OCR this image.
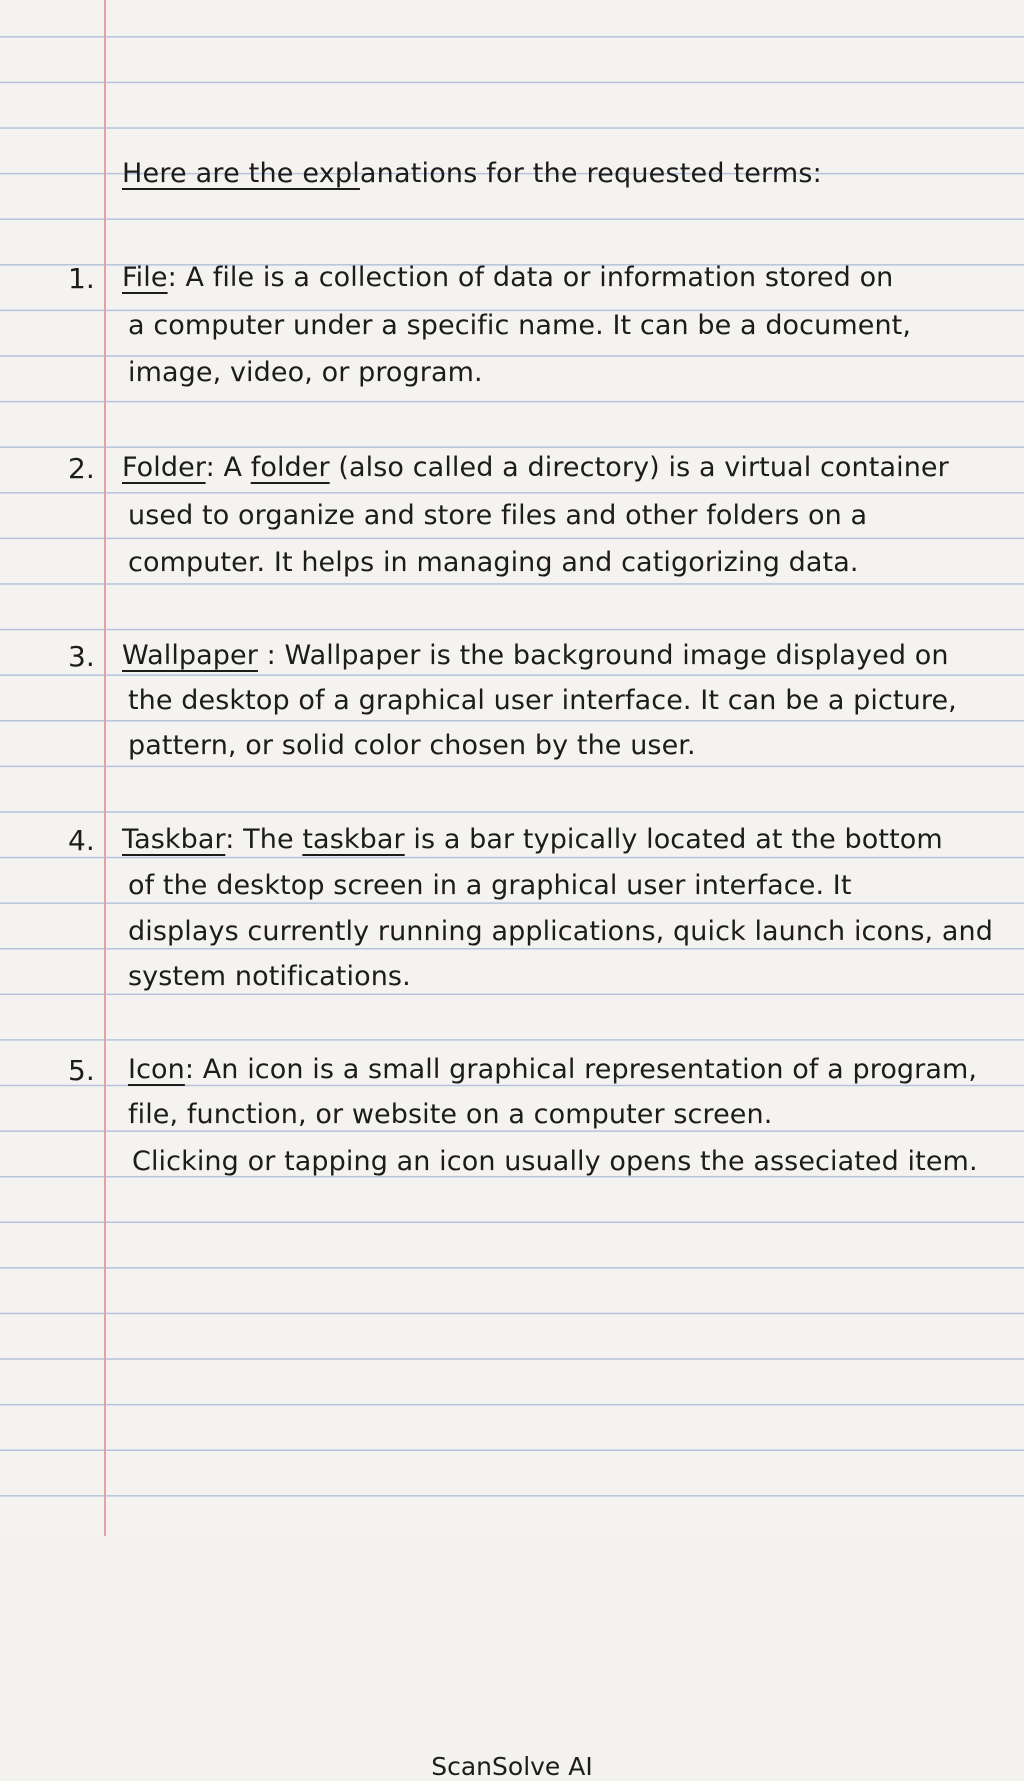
Here are the explanations for the requested terms:
1. File: A file is a collection of data or information stored on
a computer under a specific name. It can be a document,
image, video, or program.
2. Folder: A folder (also called a directory) is a virtual container
used to organize and store files and other folders on a
computer. It helps in managing and catigorizing data.
3. Wallpaper : Wallpaper is the background image displayed on
the desktop of a graphical user interface. It can be a picture,
pattern, or solid color chosen by the user.
4. Taskbar: The taskbar is a bar typically located at the bottom
of the desktop screen in a graphical user interface. It
displays currently running applications, quick launch icons, and
system notifications.
5. Icon: An icon is a small graphical representation of a program,
file, function, or website on a computer screen.
Clicking or tapping an icon usually opens the asseciated item.
ScanSolve AI
